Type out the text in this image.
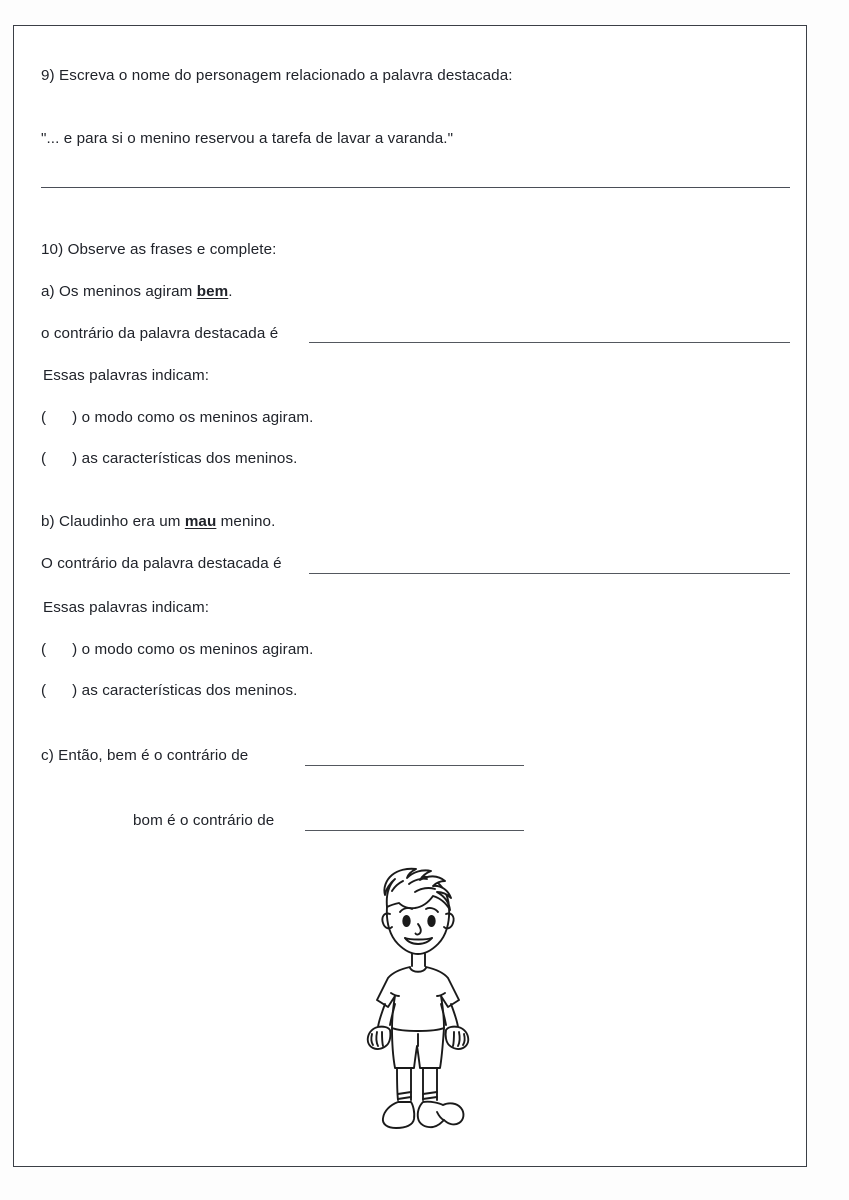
9) Escreva o nome do personagem relacionado a palavra destacada:
"... e para si o menino reservou a tarefa de lavar a varanda."
10) Observe as frases e complete:
a) Os meninos agiram bem.
o contrário da palavra destacada é
Essas palavras indicam:
( ) o modo como os meninos agiram.
( ) as características dos meninos.
b) Claudinho era um mau menino.
O contrário da palavra destacada é
Essas palavras indicam:
( ) o modo como os meninos agiram.
( ) as características dos meninos.
c) Então, bem é o contrário de
bom é o contrário de
